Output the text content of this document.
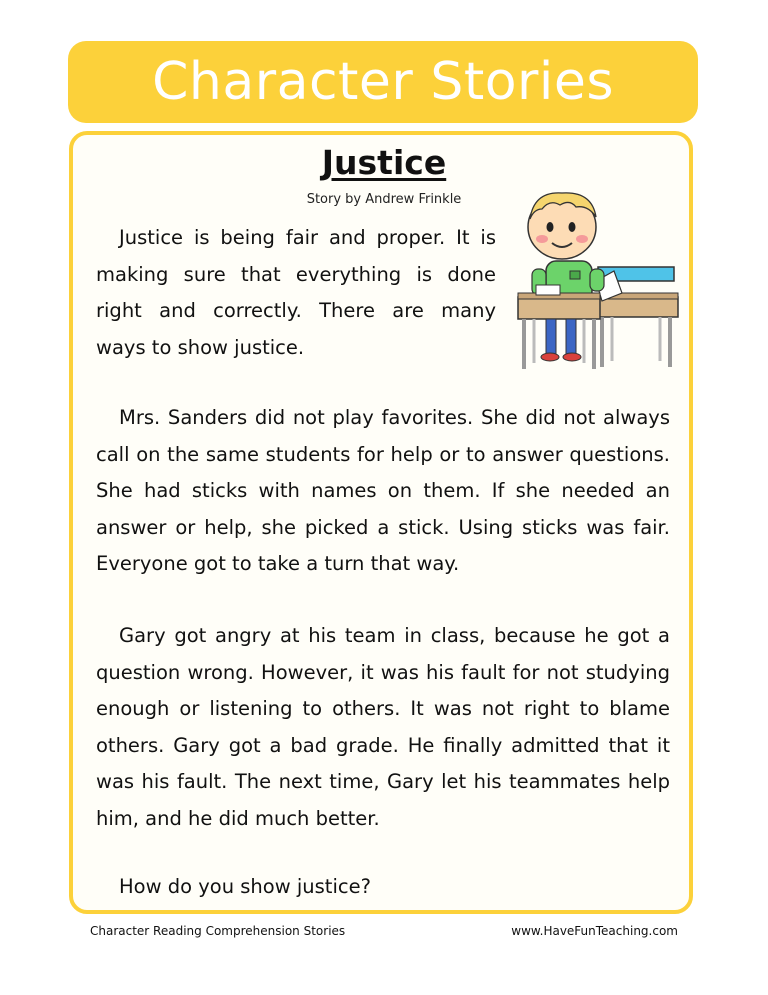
Character Stories
Justice
Story by Andrew Frinkle

Justice is being fair and proper. It is making sure that everything is done right and correctly. There are many ways to show justice.

Mrs. Sanders did not play favorites. She did not always call on the same students for help or to answer questions. She had sticks with names on them. If she needed an answer or help, she picked a stick. Using sticks was fair. Everyone got to take a turn that way.

Gary got angry at his team in class, because he got a question wrong. However, it was his fault for not studying enough or listening to others. It was not right to blame others. Gary got a bad grade. He finally admitted that it was his fault. The next time, Gary let his teammates help him, and he did much better.

How do you show justice?

Character Reading Comprehension Stories	www.HaveFunTeaching.com
